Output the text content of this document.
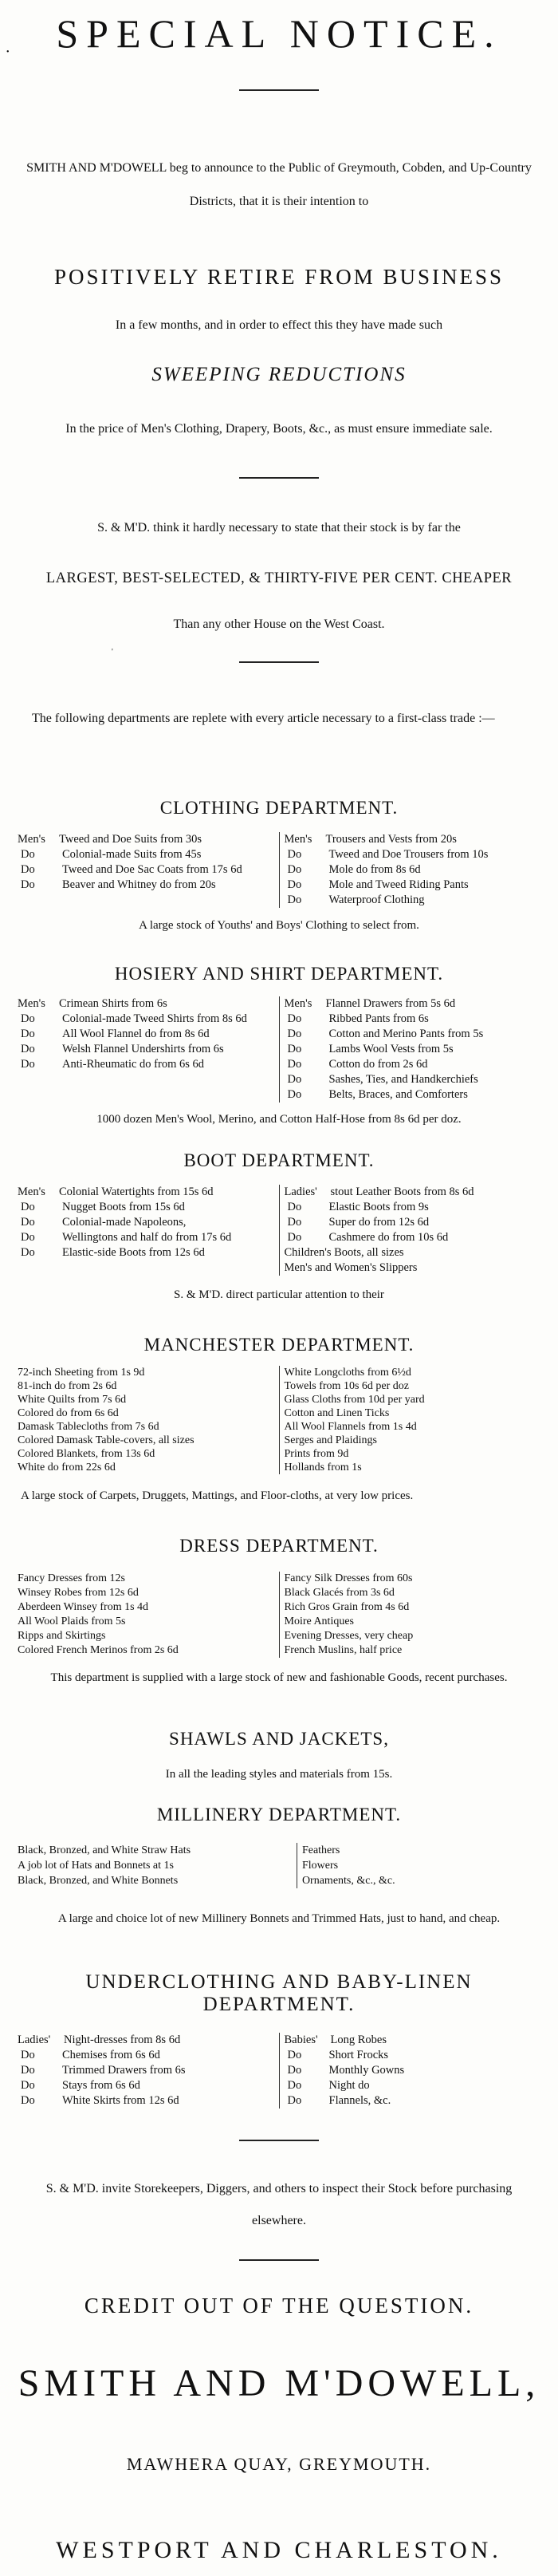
•	SPECIAL NOTICE.
SMITH AND M'DOWELL beg to announce to the Public of Greymouth, Cobden, and Up-Country Districts, that it is their intention to
POSITIVELY RETIRE FROM BUSINESS
In a few months, and in order to effect this they have made such
SWEEPING REDUCTIONS
In the price of Men's Clothing, Drapery, Boots, &c., as must ensure immediate sale.
S. & M'D. think it hardly necessary to state that their stock is by far the
LARGEST, BEST-SELECTED, & THIRTY-FIVE PER CENT. CHEAPER
Than any other House on the West Coast.
'
The following departments are replete with every article necessary to a first-class trade :—
CLOTHING DEPARTMENT.
Men's	Tweed and Doe Suits from 30s
Do	Colonial-made Suits from 45s
Do	Tweed and Doe Sac Coats from 17s 6d
Do	Beaver and Whitney do from 20s
Men's	Trousers and Vests from 20s
Do	Tweed and Doe Trousers from 10s
Do	Mole do from 8s 6d
Do	Mole and Tweed Riding Pants
Do	Waterproof Clothing
A large stock of Youths' and Boys' Clothing to select from.
HOSIERY AND SHIRT DEPARTMENT.
Men's	Crimean Shirts from 6s
Do	Colonial-made Tweed Shirts from 8s 6d
Do	All Wool Flannel do from 8s 6d
Do	Welsh Flannel Undershirts from 6s
Do	Anti-Rheumatic do from 6s 6d
Men's	Flannel Drawers from 5s 6d
Do	Ribbed Pants from 6s
Do	Cotton and Merino Pants from 5s
Do	Lambs Wool Vests from 5s
Do	Cotton do from 2s 6d
Do	Sashes, Ties, and Handkerchiefs
Do	Belts, Braces, and Comforters
1000 dozen Men's Wool, Merino, and Cotton Half-Hose from 8s 6d per doz.
BOOT DEPARTMENT.
Men's	Colonial Watertights from 15s 6d
Do	Nugget Boots from 15s 6d
Do	Colonial-made Napoleons,
Do	Wellingtons and half do from 17s 6d
Do	Elastic-side Boots from 12s 6d
Ladies'	stout Leather Boots from 8s 6d
Do	Elastic Boots from 9s
Do	Super do from 12s 6d
Do	Cashmere do from 10s 6d
Children's Boots, all sizes
Men's and Women's Slippers
S. & M'D. direct particular attention to their
MANCHESTER DEPARTMENT.
72-inch Sheeting from 1s 9d
81-inch do from 2s 6d
White Quilts from 7s 6d
Colored do from 6s 6d
Damask Tablecloths from 7s 6d
Colored Damask Table-covers, all sizes
Colored Blankets, from 13s 6d
White do from 22s 6d
White Longcloths from 6½d
Towels from 10s 6d per doz
Glass Cloths from 10d per yard
Cotton and Linen Ticks
All Wool Flannels from 1s 4d
Serges and Plaidings
Prints from 9d
Hollands from 1s
A large stock of Carpets, Druggets, Mattings, and Floor-cloths, at very low prices.
DRESS DEPARTMENT.
Fancy Dresses from 12s
Winsey Robes from 12s 6d
Aberdeen Winsey from 1s 4d
All Wool Plaids from 5s
Ripps and Skirtings
Colored French Merinos from 2s 6d
Fancy Silk Dresses from 60s
Black Glacés from 3s 6d
Rich Gros Grain from 4s 6d
Moire Antiques
Evening Dresses, very cheap
French Muslins, half price
This department is supplied with a large stock of new and fashionable Goods, recent purchases.
SHAWLS AND JACKETS,
In all the leading styles and materials from 15s.
MILLINERY DEPARTMENT.
Black, Bronzed, and White Straw Hats
A job lot of Hats and Bonnets at 1s
Black, Bronzed, and White Bonnets
Feathers
Flowers
Ornaments, &c., &c.
A large and choice lot of new Millinery Bonnets and Trimmed Hats, just to hand, and cheap.
UNDERCLOTHING AND BABY-LINEN
DEPARTMENT.
Ladies'	Night-dresses from 8s 6d
Do	Chemises from 6s 6d
Do	Trimmed Drawers from 6s
Do	Stays from 6s 6d
Do	White Skirts from 12s 6d
Babies'	Long Robes
Do	Short Frocks
Do	Monthly Gowns
Do	Night do
Do	Flannels, &c.
S. & M'D. invite Storekeepers, Diggers, and others to inspect their Stock before purchasing elsewhere.
CREDIT OUT OF THE QUESTION.
SMITH AND M'DOWELL,
MAWHERA QUAY, GREYMOUTH.
WESTPORT AND CHARLESTON.
